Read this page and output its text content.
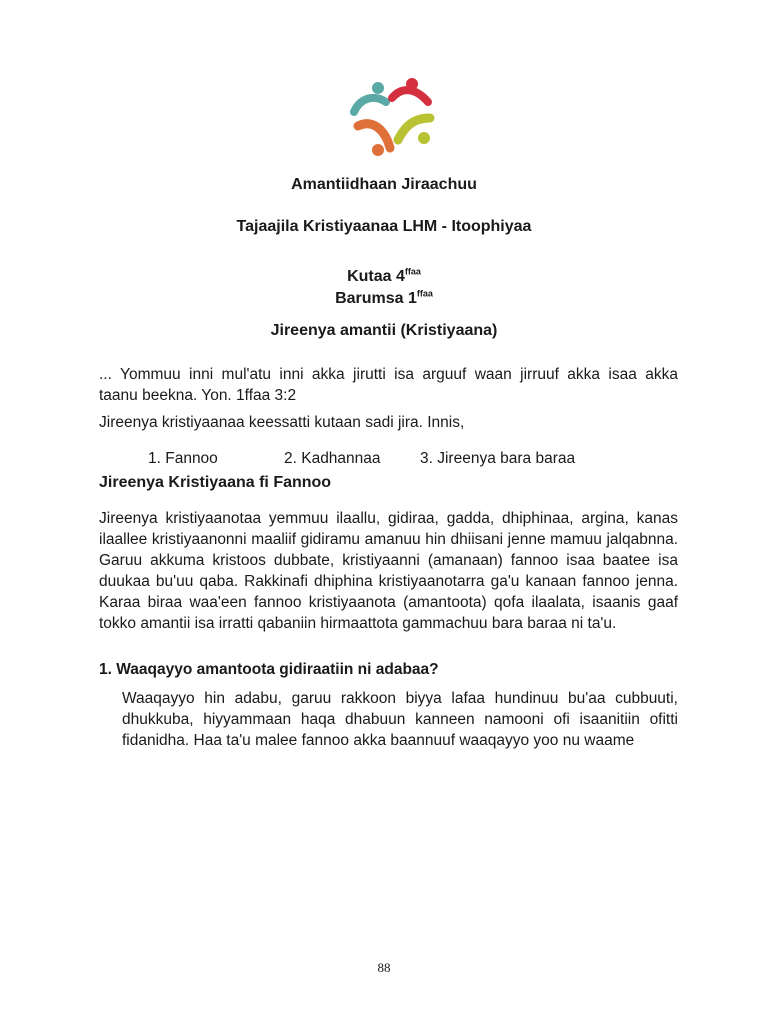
Amantiidhaan Jiraachuu
Tajaajila Kristiyaanaa LHM - Itoophiyaa
Kutaa $4^{ffaa}$
Barumsa $1^{ffaa}$
Jireenya amantii (Kristiyaana)
... Yommuu inni mul'atu inni akka jirutti isa arguuf waan jirruuf akka isaa akka
taanu beekna. Yon. 1ffaa 3:2
Jireenya kristiyaanaa keessatti kutaan sadi jira. Innis,
1. Fannoo	2. Kadhannaa	3. Jireenya bara baraa
Jireenya Kristiyaana fi Fannoo
Jireenya kristiyaanotaa yemmuu ilaallu, gidiraa, gadda, dhiphinaa, argina, kanas ilaallee kristiyaanonni maaliif gidiramu amanuu hin dhiisani jenne mamuu jalqabnna. Garuu akkuma kristoos dubbate, kristiyaanni (amanaan) fannoo isaa baatee isa duukaa bu'uu qaba. Rakkinafi dhiphina kristiyaanotarra ga'u kanaan fannoo jenna. Karaa biraa waa'een fannoo kristiyaanota (amantoota) qofa ilaalata, isaanis gaaf tokko amantii isa irratti qabaniin hirmaattota gammachuu bara baraa ni ta'u.
1. Waaqayyo amantoota gidiraatiin ni adabaa?
Waaqayyo hin adabu, garuu rakkoon biyya lafaa hundinuu bu'aa cubbuuti, dhukkuba, hiyyammaan haqa dhabuun kanneen namooni ofi isaanitiin ofitti fidanidha. Haa ta'u malee fannoo akka baannuuf waaqayyo yoo nu waame
88
